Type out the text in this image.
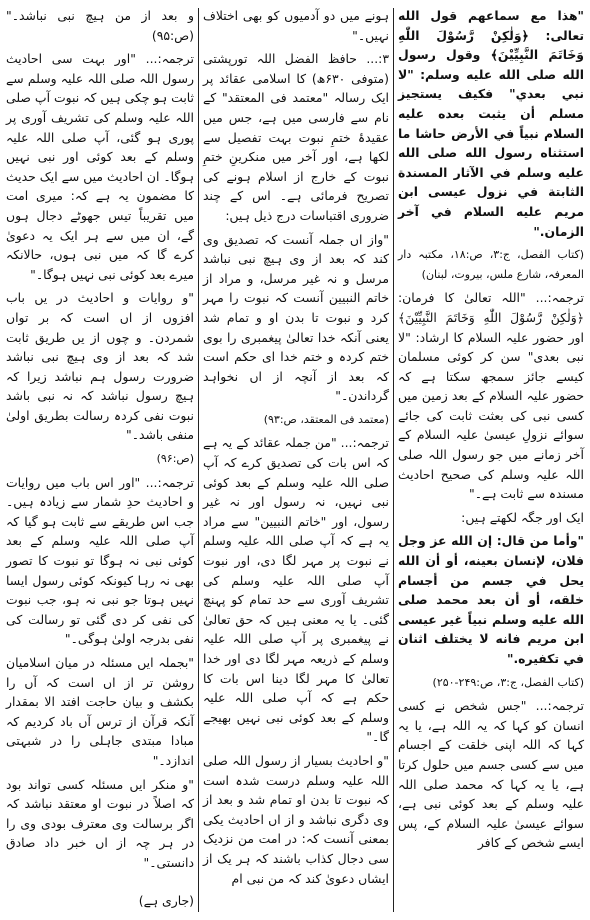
"هذا مع سماعهم قول الله تعالى: ﴿وَلٰكِنْ رَّسُوْلَ اللّٰهِ وَخَاتَمَ النَّبِيِّيْنَ﴾ وقول رسول الله صلى الله عليه وسلم: "لا نبي بعدي" فكيف يستجيز مسلم أن يثبت بعده عليه السلام نبياً في الأرض حاشا ما استثناه رسول الله صلى الله عليه وسلم في الآثار المسندة الثابتة في نزول عيسى ابن مريم عليه السلام في آخر الزمان."

(کتاب الفصل، ج:۳، ص:۱۸، مکتبہ دار المعرفہ، شارع ملس، بیروت، لبنان)

ترجمہ:... "اللہ تعالیٰ کا فرمان: ﴿وَلٰكِنْ رَّسُوْلَ اللّٰهِ وَخَاتَمَ النَّبِيِّيْنَ﴾ اور حضور علیہ السلام کا ارشاد: "لا نبی بعدی" سن کر کوئی مسلمان کیسے جائز سمجھ سکتا ہے کہ حضور علیہ السلام کے بعد زمین میں کسی نبی کی بعثت ثابت کی جائے سوائے نزولِ عیسیٰ علیہ السلام کے آخر زمانے میں جو رسول اللہ صلی اللہ علیہ وسلم کی صحیح احادیث مسندہ سے ثابت ہے۔"

ایک اور جگہ لکھتے ہیں:

"وأما من قال: إن الله عز وجل فلان، لإنسان بعينه، أو أن الله يحل في جسم من أجسام خلقه، أو أن بعد محمد صلى الله عليه وسلم نبياً غير عيسى ابن مريم فانه لا يختلف اثنان في تكفيره."

(کتاب الفصل، ج:۳، ص:۲۴۹-۲۵۰)

ترجمہ:... "جس شخص نے کسی انسان کو کہا کہ یہ اللہ ہے، یا یہ کہا کہ اللہ اپنی خلقت کے اجسام میں سے کسی جسم میں حلول کرتا ہے، یا یہ کہا کہ محمد صلی اللہ علیہ وسلم کے بعد کوئی نبی ہے، سوائے عیسیٰ علیہ السلام کے، پس ایسے شخص کے کافر

ہونے میں دو آدمیوں کو بھی اختلاف نہیں۔"

۳:... حافظ الفضل اللہ تورپشتی (متوفی ۶۳۰ھ) کا اسلامی عقائد پر ایک رسالہ "معتمد فی المعتقد" کے نام سے فارسی میں ہے، جس میں عقیدۂ ختمِ نبوت بہت تفصیل سے لکھا ہے، اور آخر میں منکرینِ ختمِ نبوت کے خارج از اسلام ہونے کی تصریح فرمائی ہے۔ اس کے چند ضروری اقتباسات درج ذیل ہیں:

"واز اں جملہ آنست کہ تصدیق وی کند کہ بعد از وی ہیچ نبی نباشد مرسل و نہ غیر مرسل، و مراد از خاتم النبیین آنست کہ نبوت را مہر کرد و نبوت تا بدن او و تمام شد یعنی آنکہ خدا تعالیٰ پیغمبری را بوی ختم کردہ و ختم خدا ای حکم است کہ بعد از آنچہ از اں نخواہد گرداندن۔"

(معتمد فی المعتقد، ص:۹۳)

ترجمہ:... "من جملہ عقائد کے یہ ہے کہ اس بات کی تصدیق کرے کہ آپ صلی اللہ علیہ وسلم کے بعد کوئی نبی نہیں، نہ رسول اور نہ غیر رسول، اور "خاتم النبیین" سے مراد یہ ہے کہ آپ صلی اللہ علیہ وسلم نے نبوت پر مہر لگا دی، اور نبوت آپ صلی اللہ علیہ وسلم کی تشریف آوری سے حد تمام کو پہنچ گئی۔ یا یہ معنی ہیں کہ حق تعالیٰ نے پیغمبری پر آپ صلی اللہ علیہ وسلم کے ذریعہ مہر لگا دی اور خدا تعالیٰ کا مہر لگا دینا اس بات کا حکم ہے کہ آپ صلی اللہ علیہ وسلم کے بعد کوئی نبی نہیں بھیجے گا۔"

"و احادیث بسیار از رسول اللہ صلی اللہ علیہ وسلم درست شدہ است کہ نبوت تا بدن او تمام شد و بعد از وی دگری نباشد و از اں احادیث یکی بمعنی آنست کہ: در امت من نزدیک سی دجال کذاب باشند کہ ہر یک از ایشاں دعویٰ کند کہ من نبی ام

و بعد از من ہیچ نبی نباشد۔" (ص:۹۵)

ترجمہ:... "اور بہت سی احادیث رسول اللہ صلی اللہ علیہ وسلم سے ثابت ہو چکی ہیں کہ نبوت آپ صلی اللہ علیہ وسلم کی تشریف آوری پر پوری ہو گئی، آپ صلی اللہ علیہ وسلم کے بعد کوئی اور نبی نہیں ہوگا۔ ان احادیث میں سے ایک حدیث کا مضمون یہ ہے کہ: میری امت میں تقریباً تیس جھوٹے دجال ہوں گے، ان میں سے ہر ایک یہ دعویٰ کرے گا کہ میں نبی ہوں، حالانکہ میرے بعد کوئی نبی نہیں ہوگا۔"

"و روایات و احادیث در یں باب افزوں از اں است کہ بر تواں شمردن۔ و چوں از یں طریق ثابت شد کہ بعد از وی ہیچ نبی نباشد ضرورت رسول ہم نباشد زیرا کہ ہیچ رسول نباشد کہ نہ نبی باشد نبوت نفی کردہ رسالت بطریق اولیٰ منفی باشد۔"

(ص:۹۶)

ترجمہ:... "اور اس باب میں روایات و احادیث حدِ شمار سے زیادہ ہیں۔ جب اس طریقے سے ثابت ہو گیا کہ آپ صلی اللہ علیہ وسلم کے بعد کوئی نبی نہ ہوگا تو نبوت کا تصور بھی نہ رہا کیونکہ کوئی رسول ایسا نہیں ہوتا جو نبی نہ ہو، جب نبوت کی نفی کر دی گئی تو رسالت کی نفی بدرجہ اولیٰ ہوگی۔"

"بجملہ ایں مسئلہ در میان اسلامیان روشن تر از اں است کہ آں را بکشف و بیان حاجت افتد الا بمقدار آنکہ قرآن از ترس آں باد کردیم کہ مبادا مبتدی جاہلی را در شبہتی اندازد۔"

"و منکر ایں مسئلہ کسی تواند بود کہ اصلاً در نبوت او معتقد نباشد کہ اگر برسالت وی معترف بودی وی را در ہر چہ از اں خبر داد صادق دانستی۔"

(جاری ہے)
